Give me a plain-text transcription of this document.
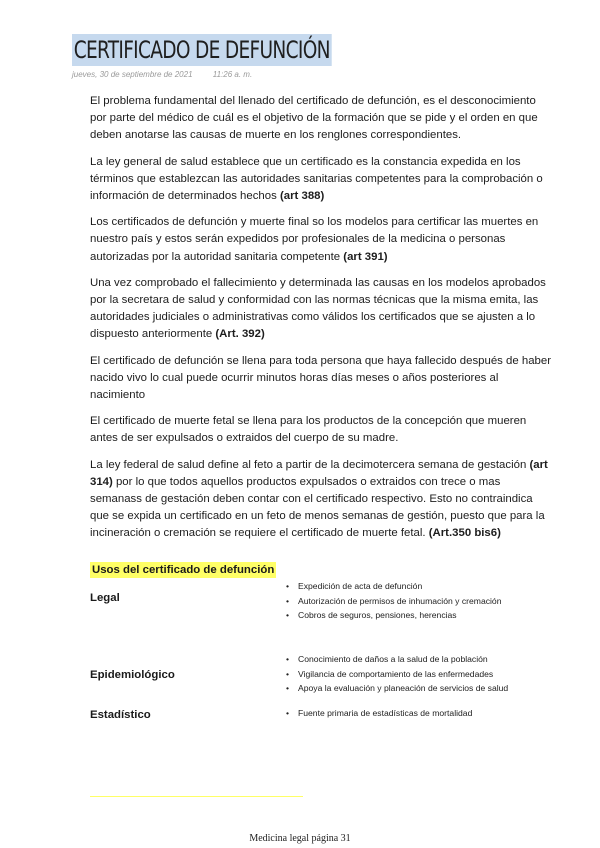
CERTIFICADO DE DEFUNCIÓN
jueves, 30 de septiembre de 2021	11:26 a. m.

El problema fundamental del llenado del certificado de defunción, es el desconocimiento por parte del médico de cuál es el objetivo de la formación que se pide y el orden en que deben anotarse las causas de muerte en los renglones correspondientes.

La ley general de salud establece que un certificado es la constancia expedida en los términos que establezcan las autoridades sanitarias competentes para la comprobación o información de determinados hechos (art 388)

Los certificados de defunción y muerte final so los modelos para certificar las muertes en nuestro país y estos serán expedidos por profesionales de la medicina o personas autorizadas por la autoridad sanitaria competente (art 391)

Una vez comprobado el fallecimiento y determinada las causas en los modelos aprobados por la secretara de salud y conformidad con las normas técnicas que la misma emita, las autoridades judiciales o administrativas como válidos los certificados que se ajusten a lo dispuesto anteriormente (Art. 392)

El certificado de defunción se llena para toda persona que haya fallecido después de haber nacido vivo lo cual puede ocurrir minutos horas días meses o años posteriores al nacimiento

El certificado de muerte fetal se llena para los productos de la concepción que mueren antes de ser expulsados o extraidos del cuerpo de su madre.

La ley federal de salud define al feto a partir de la decimotercera semana de gestación (art 314) por lo que todos aquellos productos expulsados o extraidos con trece o mas semanass de gestación deben contar con el certificado respectivo. Esto no contraindica que se expida un certificado en un feto de menos semanas de gestión, puesto que para la incineración o cremación se requiere el certificado de muerte fetal. (Art.350 bis6)

Usos del certificado de defunción
Legal
• Expedición de acta de defunción
• Autorización de permisos de inhumación y cremación
• Cobros de seguros, pensiones, herencias
Epidemiológico
• Conocimiento de daños a la salud de la población
• Vigilancia de comportamiento de las enfermedades
• Apoya la evaluación y planeación de servicios de salud
Estadístico
•	Fuente primaria de estadísticas de mortalidad
Medicina legal página 31
